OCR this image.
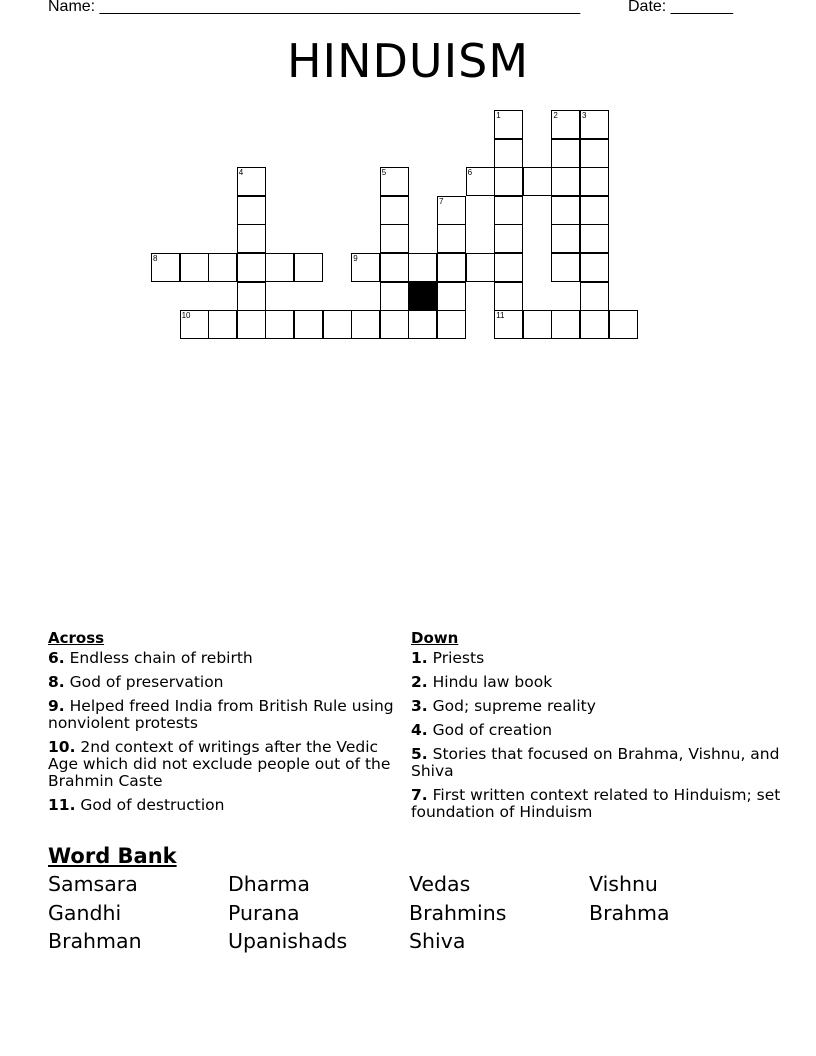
Name: ______________________________________________________	Date: _______
HINDUISM
1	2	3
4	5
7
6
8	9
10	11
Across
6. Endless chain of rebirth
8. God of preservation
9. Helped freed India from British Rule using nonviolent protests
10. 2nd context of writings after the Vedic Age which did not exclude people out of the Brahmin Caste
11. God of destruction
Down
1. Priests
2. Hindu law book
3. God; supreme reality
4. God of creation
5. Stories that focused on Brahma, Vishnu, and Shiva
7. First written context related to Hinduism; set foundation of Hinduism
Word Bank
Samsara	Dharma	Vedas	Vishnu
Gandhi	Purana	Brahmins	Brahma
Brahman	Upanishads	Shiva
